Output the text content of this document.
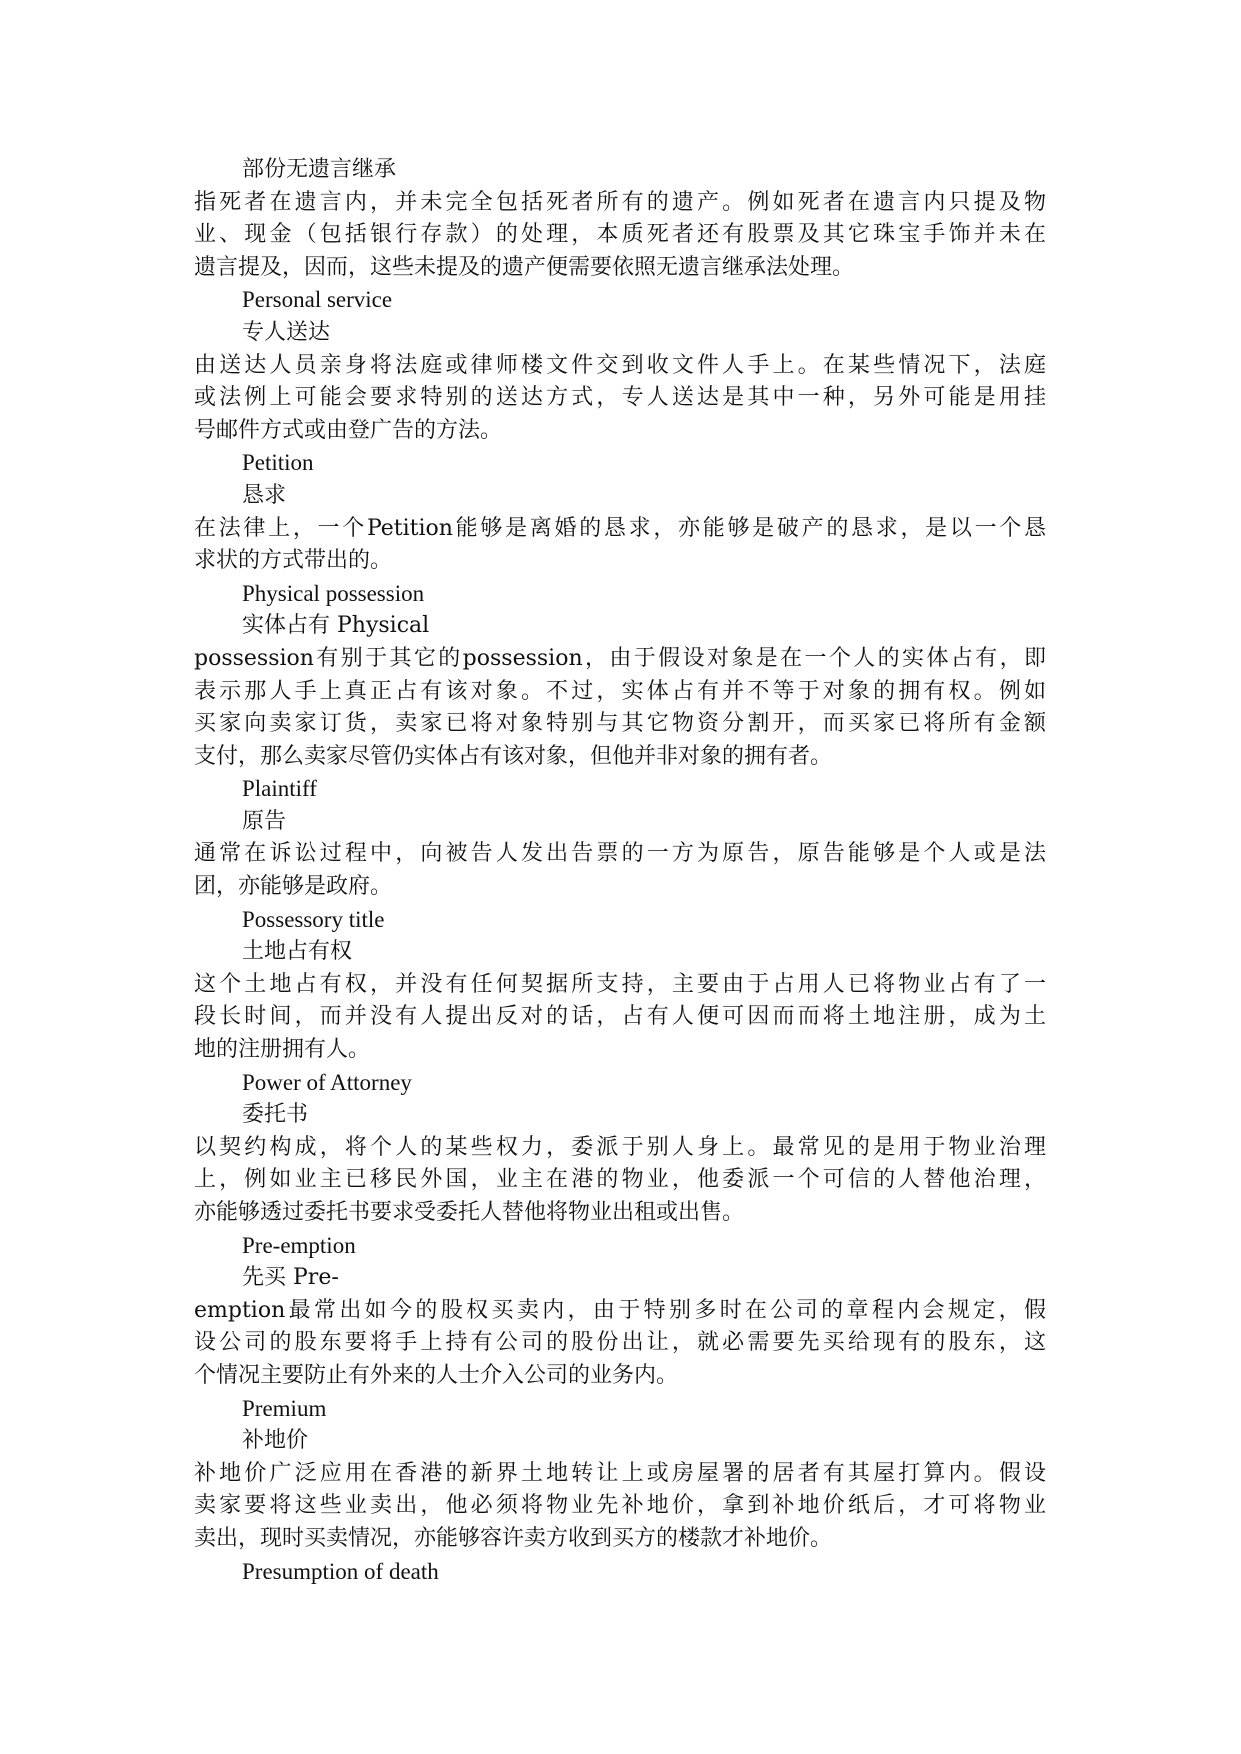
部份无遗言继承
指死者在遗言内，并未完全包括死者所有的遗产。例如死者在遗言内只提及物
业、现金（包括银行存款）的处理，本质死者还有股票及其它珠宝手饰并未在
遗言提及，因而，这些未提及的遗产便需要依照无遗言继承法处理。
Personal service
专人送达
由送达人员亲身将法庭或律师楼文件交到收文件人手上。在某些情况下，法庭
或法例上可能会要求特别的送达方式，专人送达是其中一种，另外可能是用挂
号邮件方式或由登广告的方法。
Petition
恳求
在法律上，一个Petition能够是离婚的恳求，亦能够是破产的恳求，是以一个恳
求状的方式带出的。
Physical possession
实体占有 Physical
possession有别于其它的possession，由于假设对象是在一个人的实体占有，即
表示那人手上真正占有该对象。不过，实体占有并不等于对象的拥有权。例如
买家向卖家订货，卖家已将对象特别与其它物资分割开，而买家已将所有金额
支付，那么卖家尽管仍实体占有该对象，但他并非对象的拥有者。
Plaintiff
原告
通常在诉讼过程中，向被告人发出告票的一方为原告，原告能够是个人或是法
团，亦能够是政府。
Possessory title
土地占有权
这个土地占有权，并没有任何契据所支持，主要由于占用人已将物业占有了一
段长时间，而并没有人提出反对的话，占有人便可因而而将土地注册，成为土
地的注册拥有人。
Power of Attorney
委托书
以契约构成，将个人的某些权力，委派于别人身上。最常见的是用于物业治理
上，例如业主已移民外国，业主在港的物业，他委派一个可信的人替他治理，
亦能够透过委托书要求受委托人替他将物业出租或出售。
Pre-emption
先买 Pre-
emption最常出如今的股权买卖内，由于特别多时在公司的章程内会规定，假
设公司的股东要将手上持有公司的股份出让，就必需要先买给现有的股东，这
个情况主要防止有外来的人士介入公司的业务内。
Premium
补地价
补地价广泛应用在香港的新界土地转让上或房屋署的居者有其屋打算内。假设
卖家要将这些业卖出，他必须将物业先补地价，拿到补地价纸后，才可将物业
卖出，现时买卖情况，亦能够容许卖方收到买方的楼款才补地价。
Presumption of death
